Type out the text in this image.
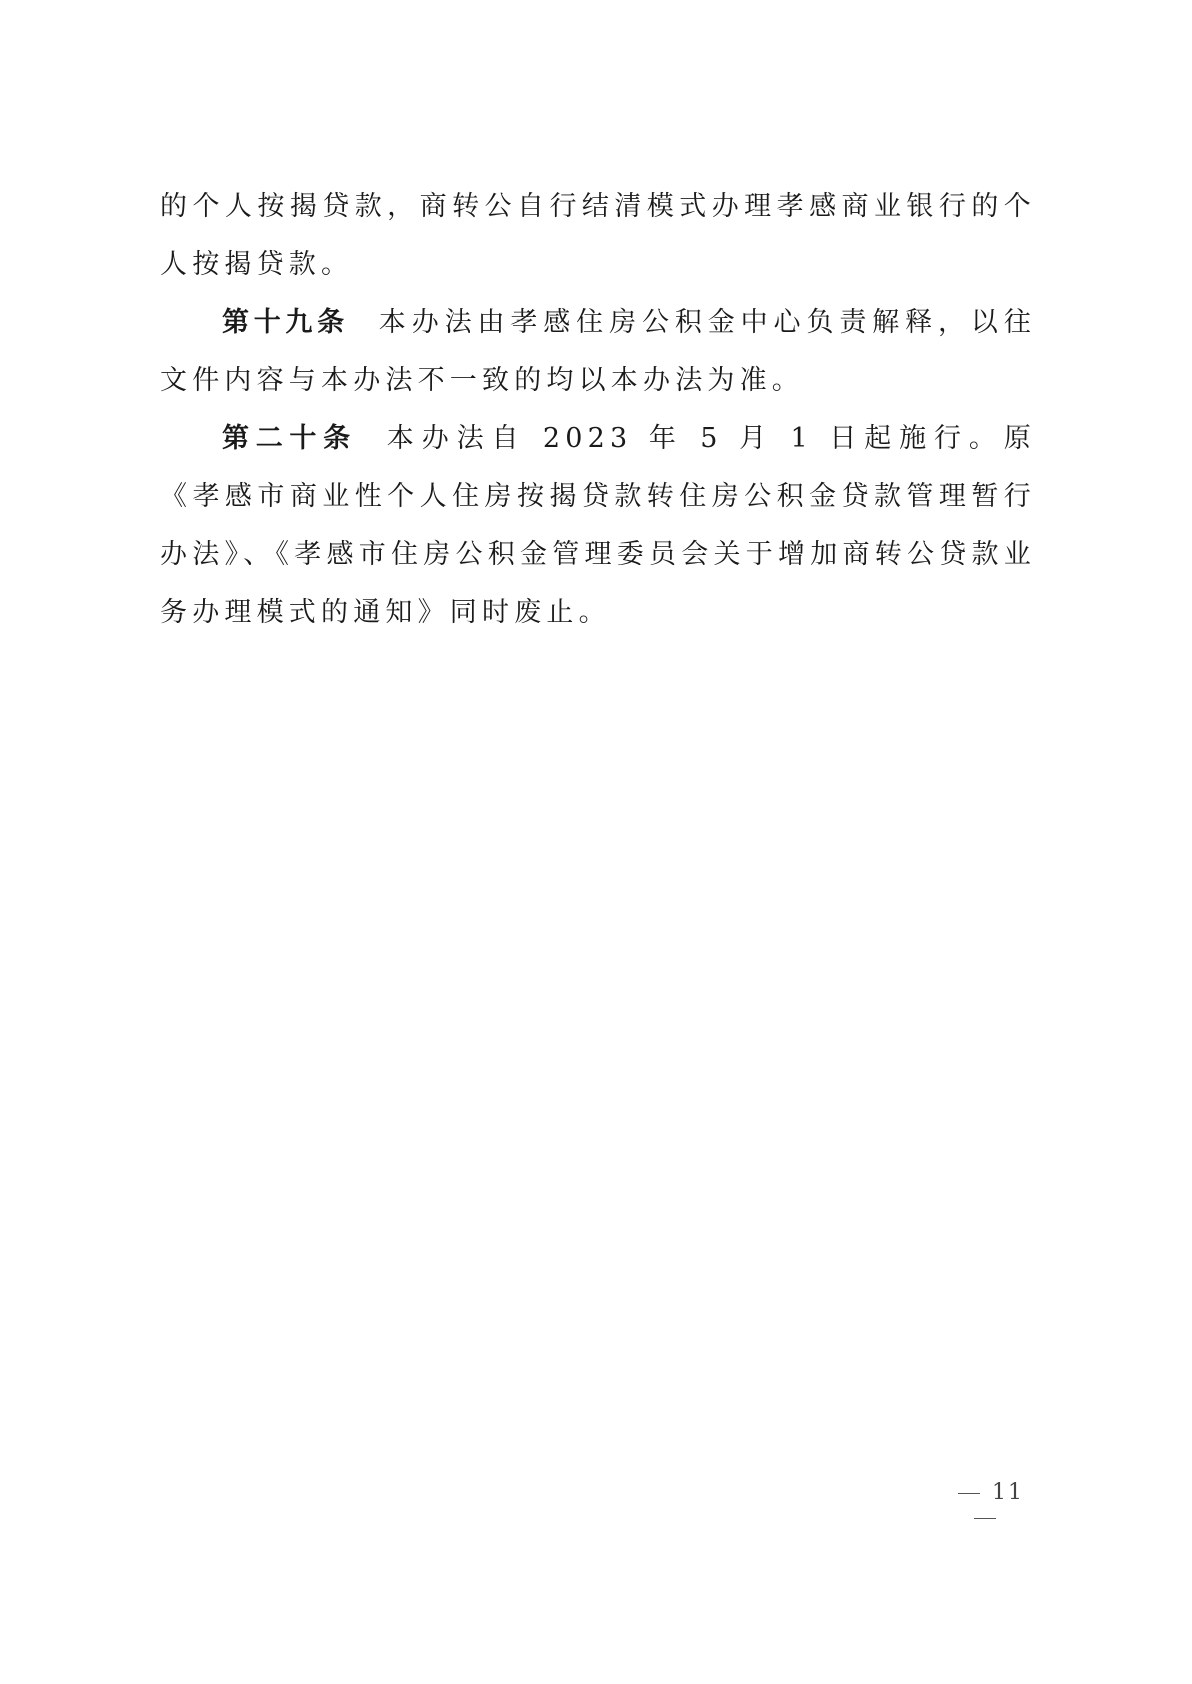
的个人按揭贷款，商转公自行结清模式办理孝感商业银行的个人按揭贷款。

第十九条 本办法由孝感住房公积金中心负责解释，以往文件内容与本办法不一致的均以本办法为准。

第二十条 本办法自 2023 年 5 月 1 日起施行。原《孝感市商业性个人住房按揭贷款转住房公积金贷款管理暂行办法》、《孝感市住房公积金管理委员会关于增加商转公贷款业务办理模式的通知》同时废止。

11
